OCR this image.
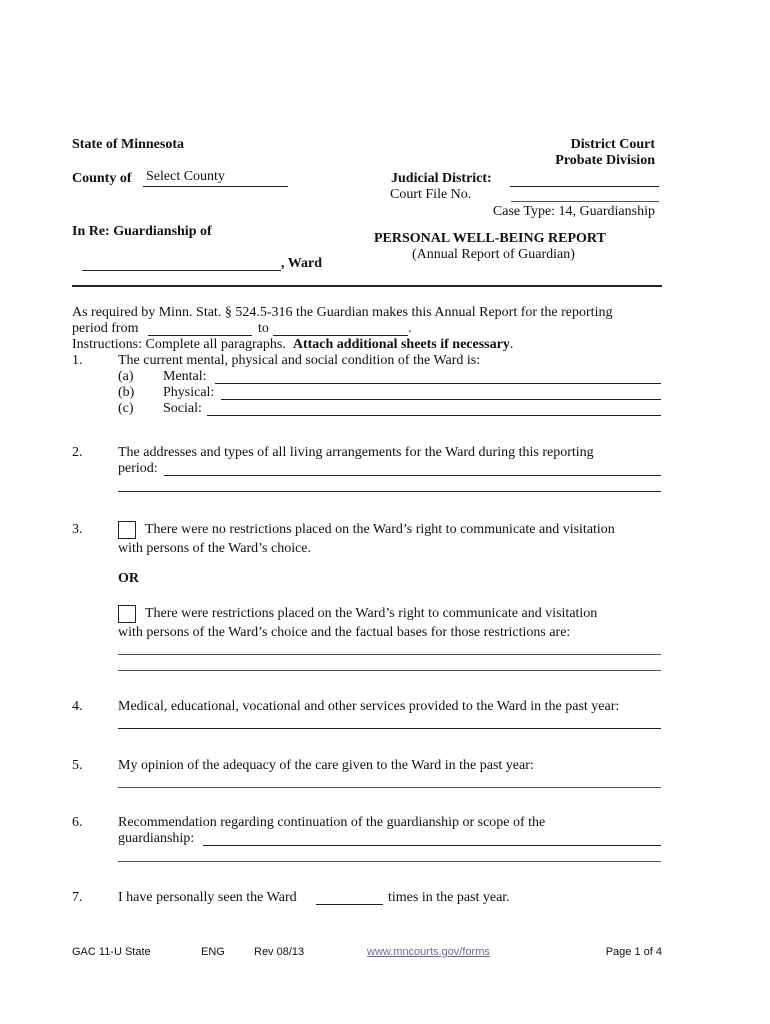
State of Minnesota	District Court
Probate Division
County of Select County	Judicial District:
Court File No.
Case Type: 14, Guardianship
In Re: Guardianship of	PERSONAL WELL-BEING REPORT
(Annual Report of Guardian)
, Ward
As required by Minn. Stat. § 524.5-316 the Guardian makes this Annual Report for the reporting
period from	to	.
Instructions: Complete all paragraphs. Attach additional sheets if necessary.
1.	The current mental, physical and social condition of the Ward is:
(a) Mental:
(b) Physical:
(c) Social:
2.	The addresses and types of all living arrangements for the Ward during this reporting
period:
3.	There were no restrictions placed on the Ward’s right to communicate and visitation
with persons of the Ward’s choice.
OR
There were restrictions placed on the Ward’s right to communicate and visitation
with persons of the Ward’s choice and the factual bases for those restrictions are:
4.	Medical, educational, vocational and other services provided to the Ward in the past year:
5.	My opinion of the adequacy of the care given to the Ward in the past year:
6.	Recommendation regarding continuation of the guardianship or scope of the
guardianship:
7.	I have personally seen the Ward	times in the past year.
GAC 11-U State	ENG	Rev 08/13	www.mncourts.gov/forms	Page 1 of 4
